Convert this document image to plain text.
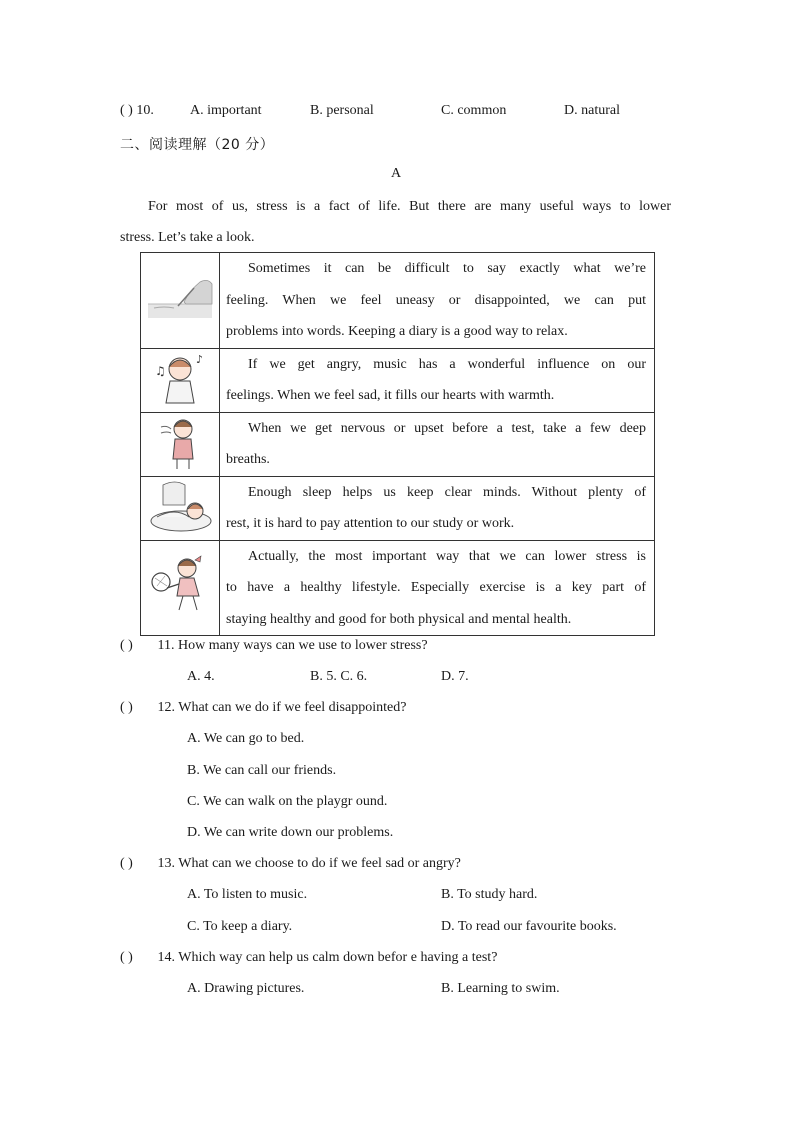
( ) 10.	A. important	B. personal	C. common	D. natural
二、阅读理解（20 分）
A
For most of us, stress is a fact of life. But there are many useful ways to lower
stress. Let’s take a look.

Sometimes it can be difficult to say exactly what we’re
feeling. When we feel uneasy or disappointed, we can put
problems into words. Keeping a diary is a good way to relax.

♫
♪	If we get angry, music has a wonderful influence on our
feelings. When we feel sad, it fills our hearts with warmth.

When we get nervous or upset before a test, take a few deep
breaths.

Enough sleep helps us keep clear minds. Without plenty of
rest, it is hard to pay attention to our study or work.

Actually, the most important way that we can lower stress is
to have a healthy lifestyle. Especially exercise is a key part of
staying healthy and good for both physical and mental health.
( ) 11. How many ways can we use to lower stress?
A. 4.	B. 5. C. 6.	D. 7.
( ) 12. What can we do if we feel disappointed?
A. We can go to bed.
B. We can call our friends.
C. We can walk on the playgr ound.
D. We can write down our problems.
( ) 13. What can we choose to do if we feel sad or angry?
A. To listen to music.	B. To study hard.
C. To keep a diary.	D. To read our favourite books.
( ) 14. Which way can help us calm down befor e having a test?
A. Drawing pictures.	B. Learning to swim.
